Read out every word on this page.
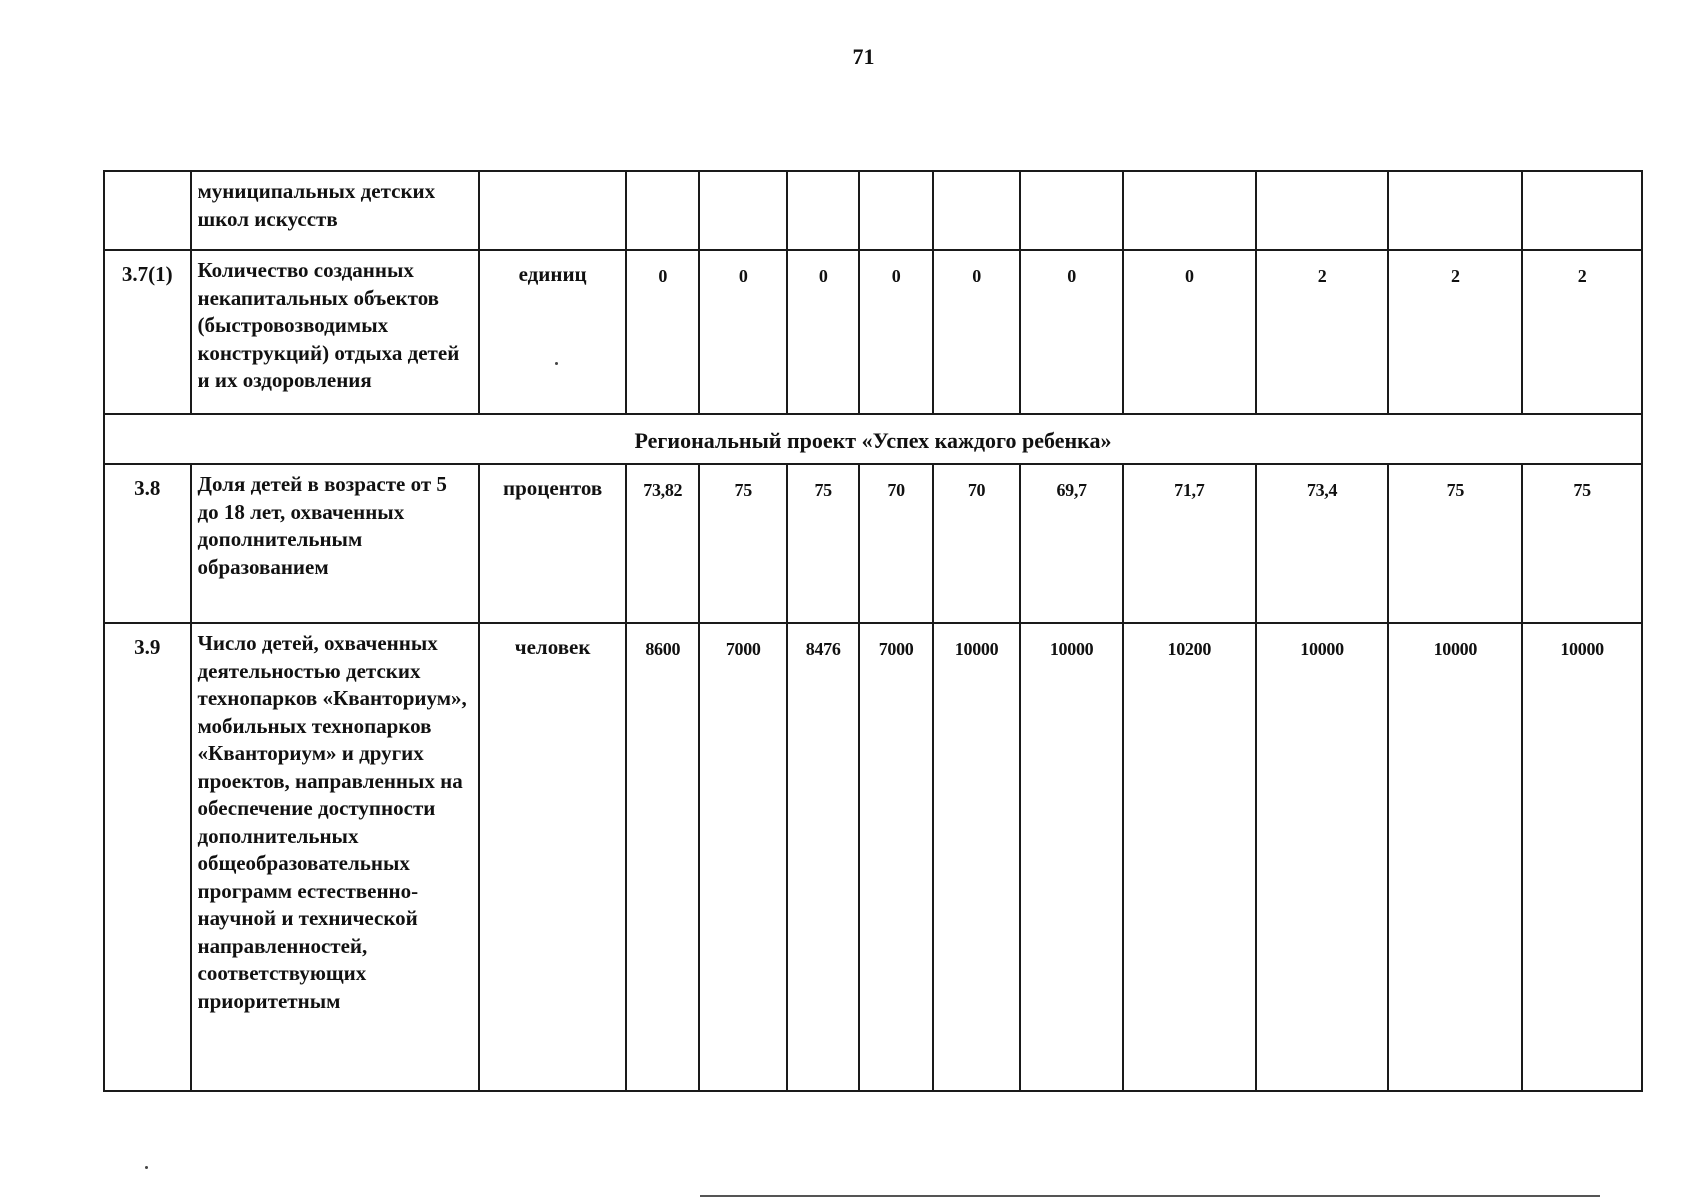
71
	муниципальных детских школ искусств											
3.7(1)	Количество созданных некапитальных объектов (быстровозводимых конструкций) отдыха детей и их оздоровления	единиц	0	0	0	0	0	0	0	2	2	2
Региональный проект «Успех каждого ребенка»												
3.8	Доля детей в возрасте от 5 до 18 лет, охваченных дополнительным образованием	процентов	73,82	75	75	70	70	69,7	71,7	73,4	75	75
3.9	Число детей, охваченных деятельностью детских технопарков «Кванториум», мобильных технопарков «Кванториум» и других проектов, направленных на обеспечение доступности дополнительных общеобразовательных программ естественно-научной и технической направленностей, соответствующих приоритетным	человек	8600	7000	8476	7000	10000	10000	10200	10000	10000	10000
